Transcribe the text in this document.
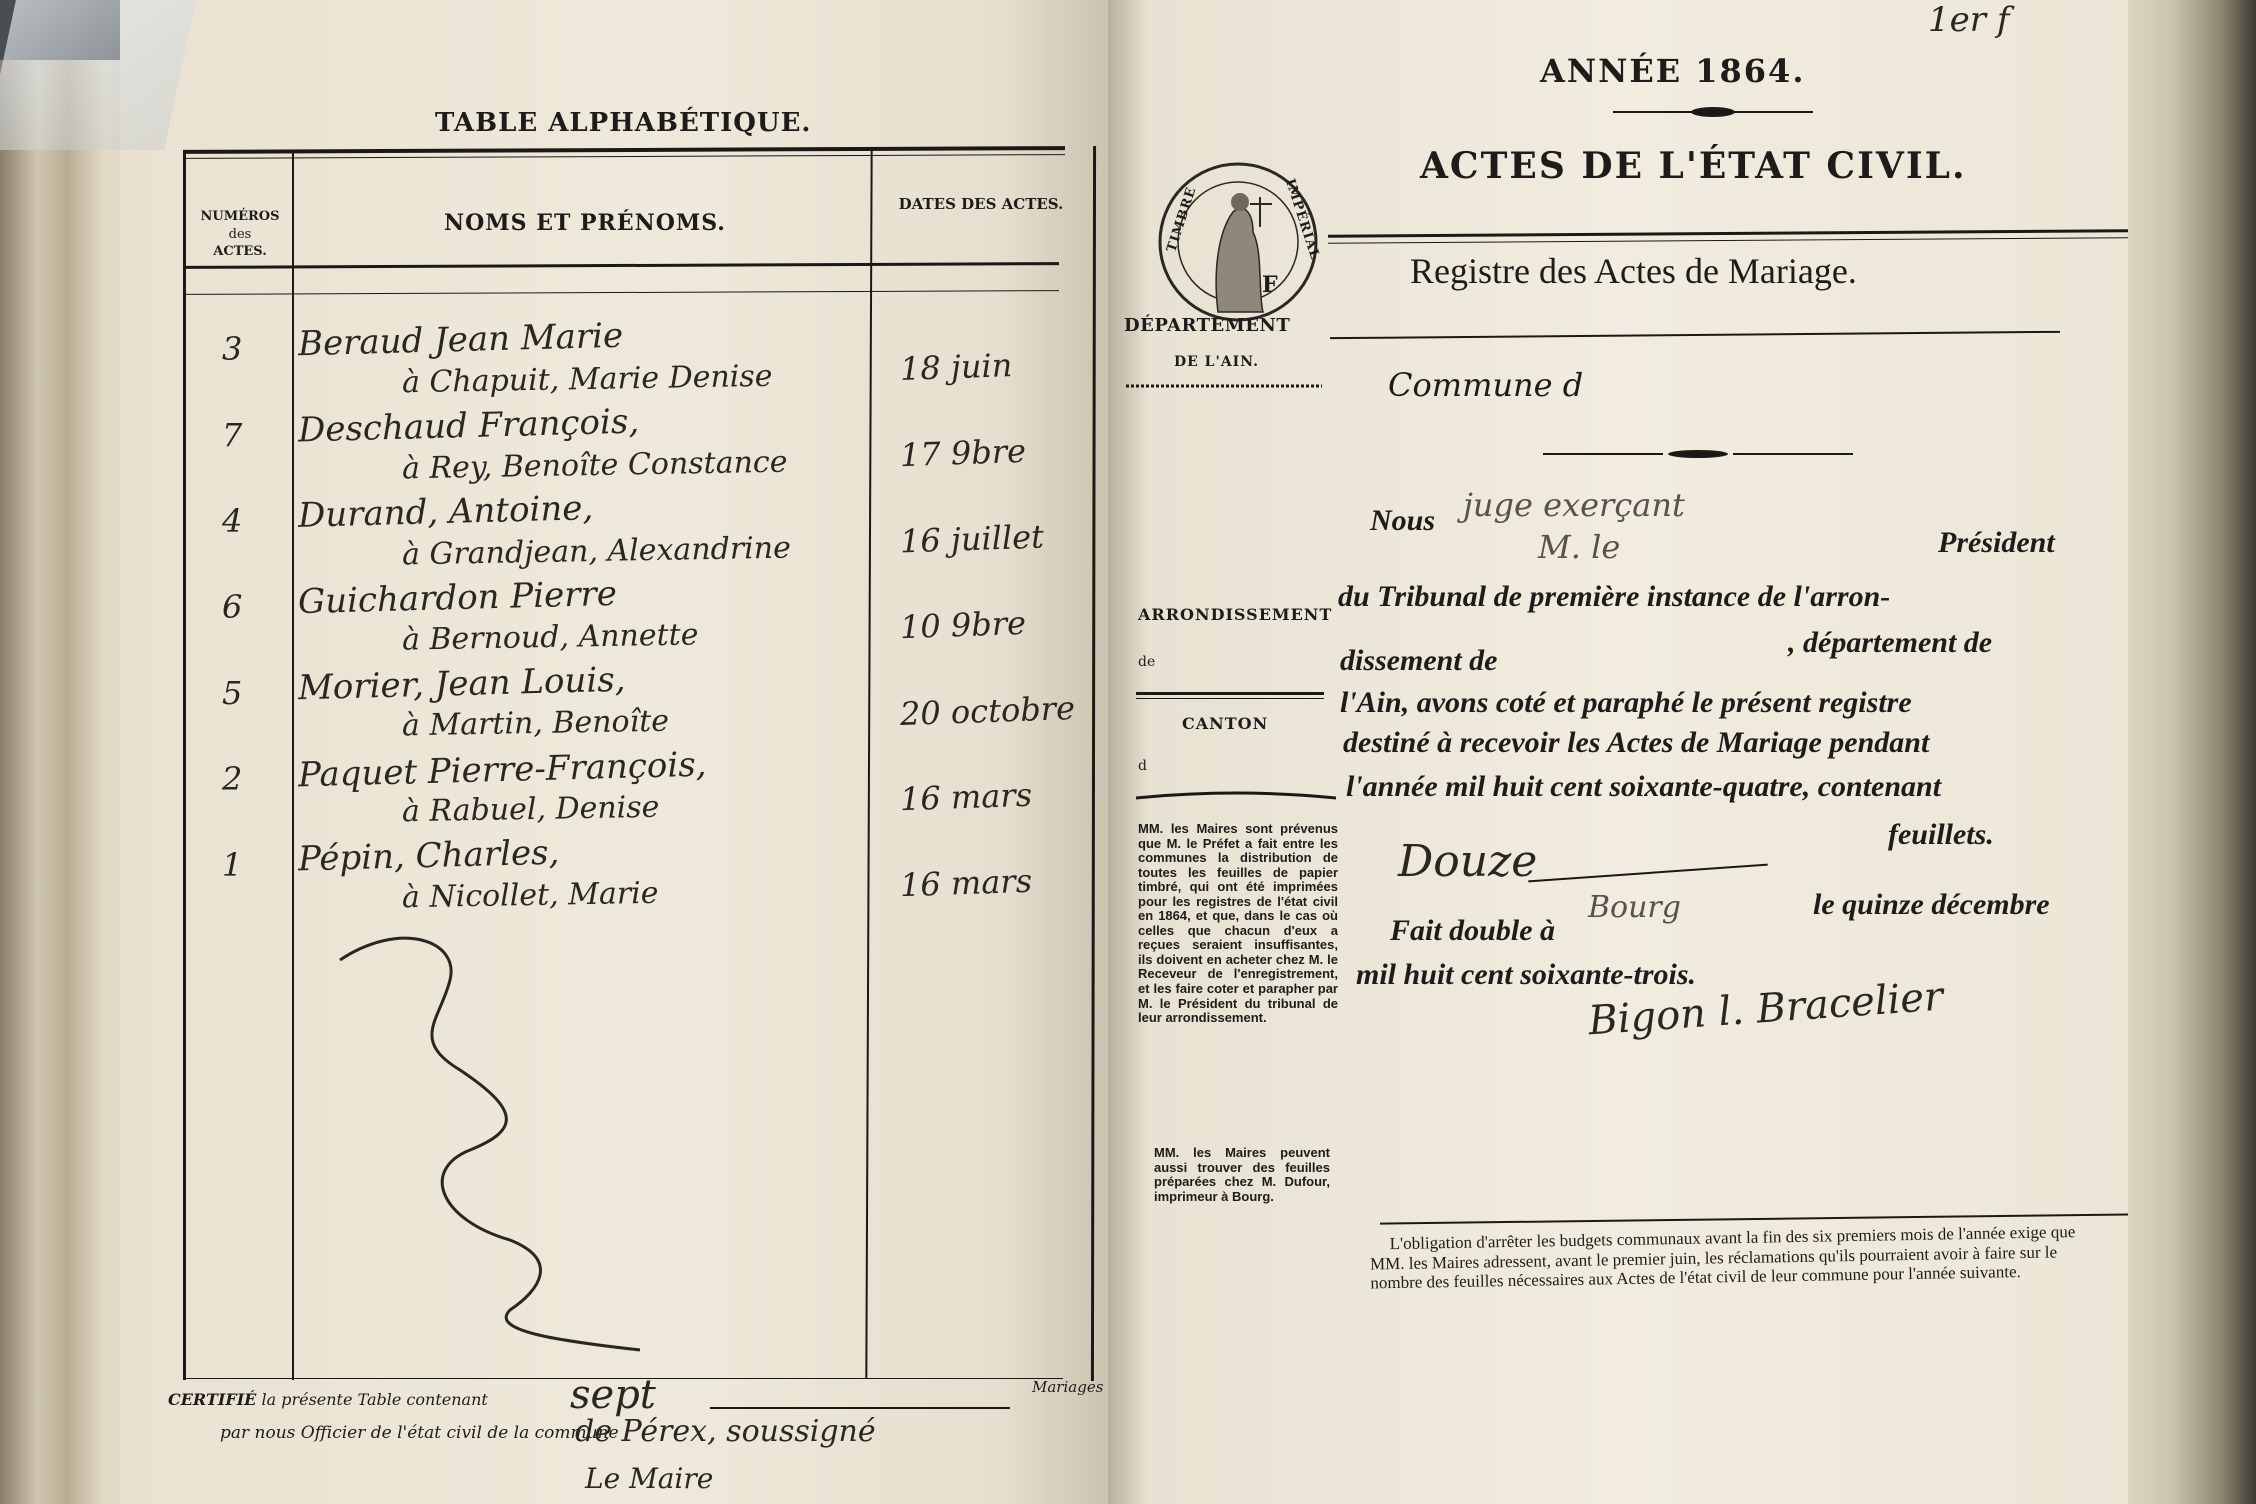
TABLE ALPHABÉTIQUE.
NUMÉROS
des
ACTES.
NOMS ET PRÉNOMS.
DATES DES ACTES.
3 Beraud Jean Marie
à Chapuit, Marie Denise	18 juin
7 Deschaud François,
à Rey, Benoîte Constance	17 9bre
4 Durand, Antoine,
à Grandjean, Alexandrine	16 juillet
6 Guichardon Pierre
à Bernoud, Annette	10 9bre
5 Morier, Jean Louis,
à Martin, Benoîte	20 octobre
2 Paquet Pierre-François,
à Rabuel, Denise	16 mars
1 Pépin, Charles,
à Nicollet, Marie	16 mars
CERTIFIÉ la présente Table contenant	sept	Mariages
par nous Officier de l'état civil de la commune
de Pérex, soussigné
Le Maire
1er f
ANNÉE 1864.
ACTES DE L'ÉTAT CIVIL.
Registre des Actes de Mariage.
TIMBRE	IMPÉRIAL
F
DÉPARTEMENT
DE L'AIN.
Commune d
ARRONDISSEMENT
de
CANTON
d
MM. les Maires sont prévenus que M. le Préfet a fait entre les communes la distribution de toutes les feuilles de papier timbré, qui ont été imprimées pour les registres de l'état civil en 1864, et que, dans le cas où celles que chacun d'eux a reçues seraient insuffisantes, ils doivent en acheter chez M. le Receveur de l'enregistrement, et les faire coter et parapher par M. le Président du tribunal de leur arrondissement.
MM. les Maires peuvent aussi trouver des feuilles préparées chez M. Dufour, imprimeur à Bourg.
Nous juge exerçant
M. le	Président
du Tribunal de première instance de l'arron-
dissement de
, département de
l'Ain, avons coté et paraphé le présent registre
destiné à recevoir les Actes de Mariage pendant
l'année mil huit cent soixante-quatre, contenant
Douze
feuillets.
Fait double à
Bourg	le quinze décembre
mil huit cent soixante-trois.
Bigon l. Bracelier
L'obligation d'arrêter les budgets communaux avant la fin des six premiers mois de l'année exige que MM. les Maires adressent, avant le premier juin, les réclamations qu'ils pourraient avoir à faire sur le nombre des feuilles nécessaires aux Actes de l'état civil de leur commune pour l'année suivante.
